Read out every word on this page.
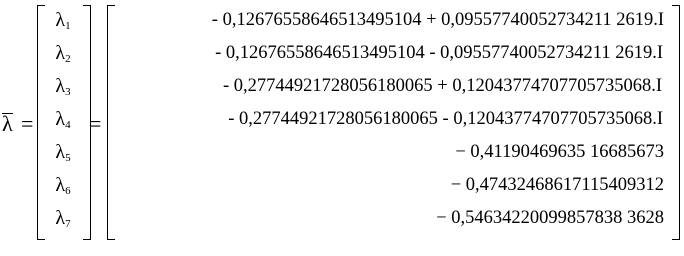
λ =
$\lambda_1$
$\lambda_2$
$\lambda_3$
$\lambda_4$
$\lambda_5$
$\lambda_6$
$\lambda_7$
=
- 0,12676558646513495104 + 0,09557740052734211 2619.I
- 0,12676558646513495104 - 0,09557740052734211 2619.I
- 0,27744921728056180065 + 0,12043774707705735068.I
- 0,27744921728056180065 - 0,12043774707705735068.I
− 0,41190469635 16685673
− 0,47432468617115409312
− 0,54634220099857838 3628
